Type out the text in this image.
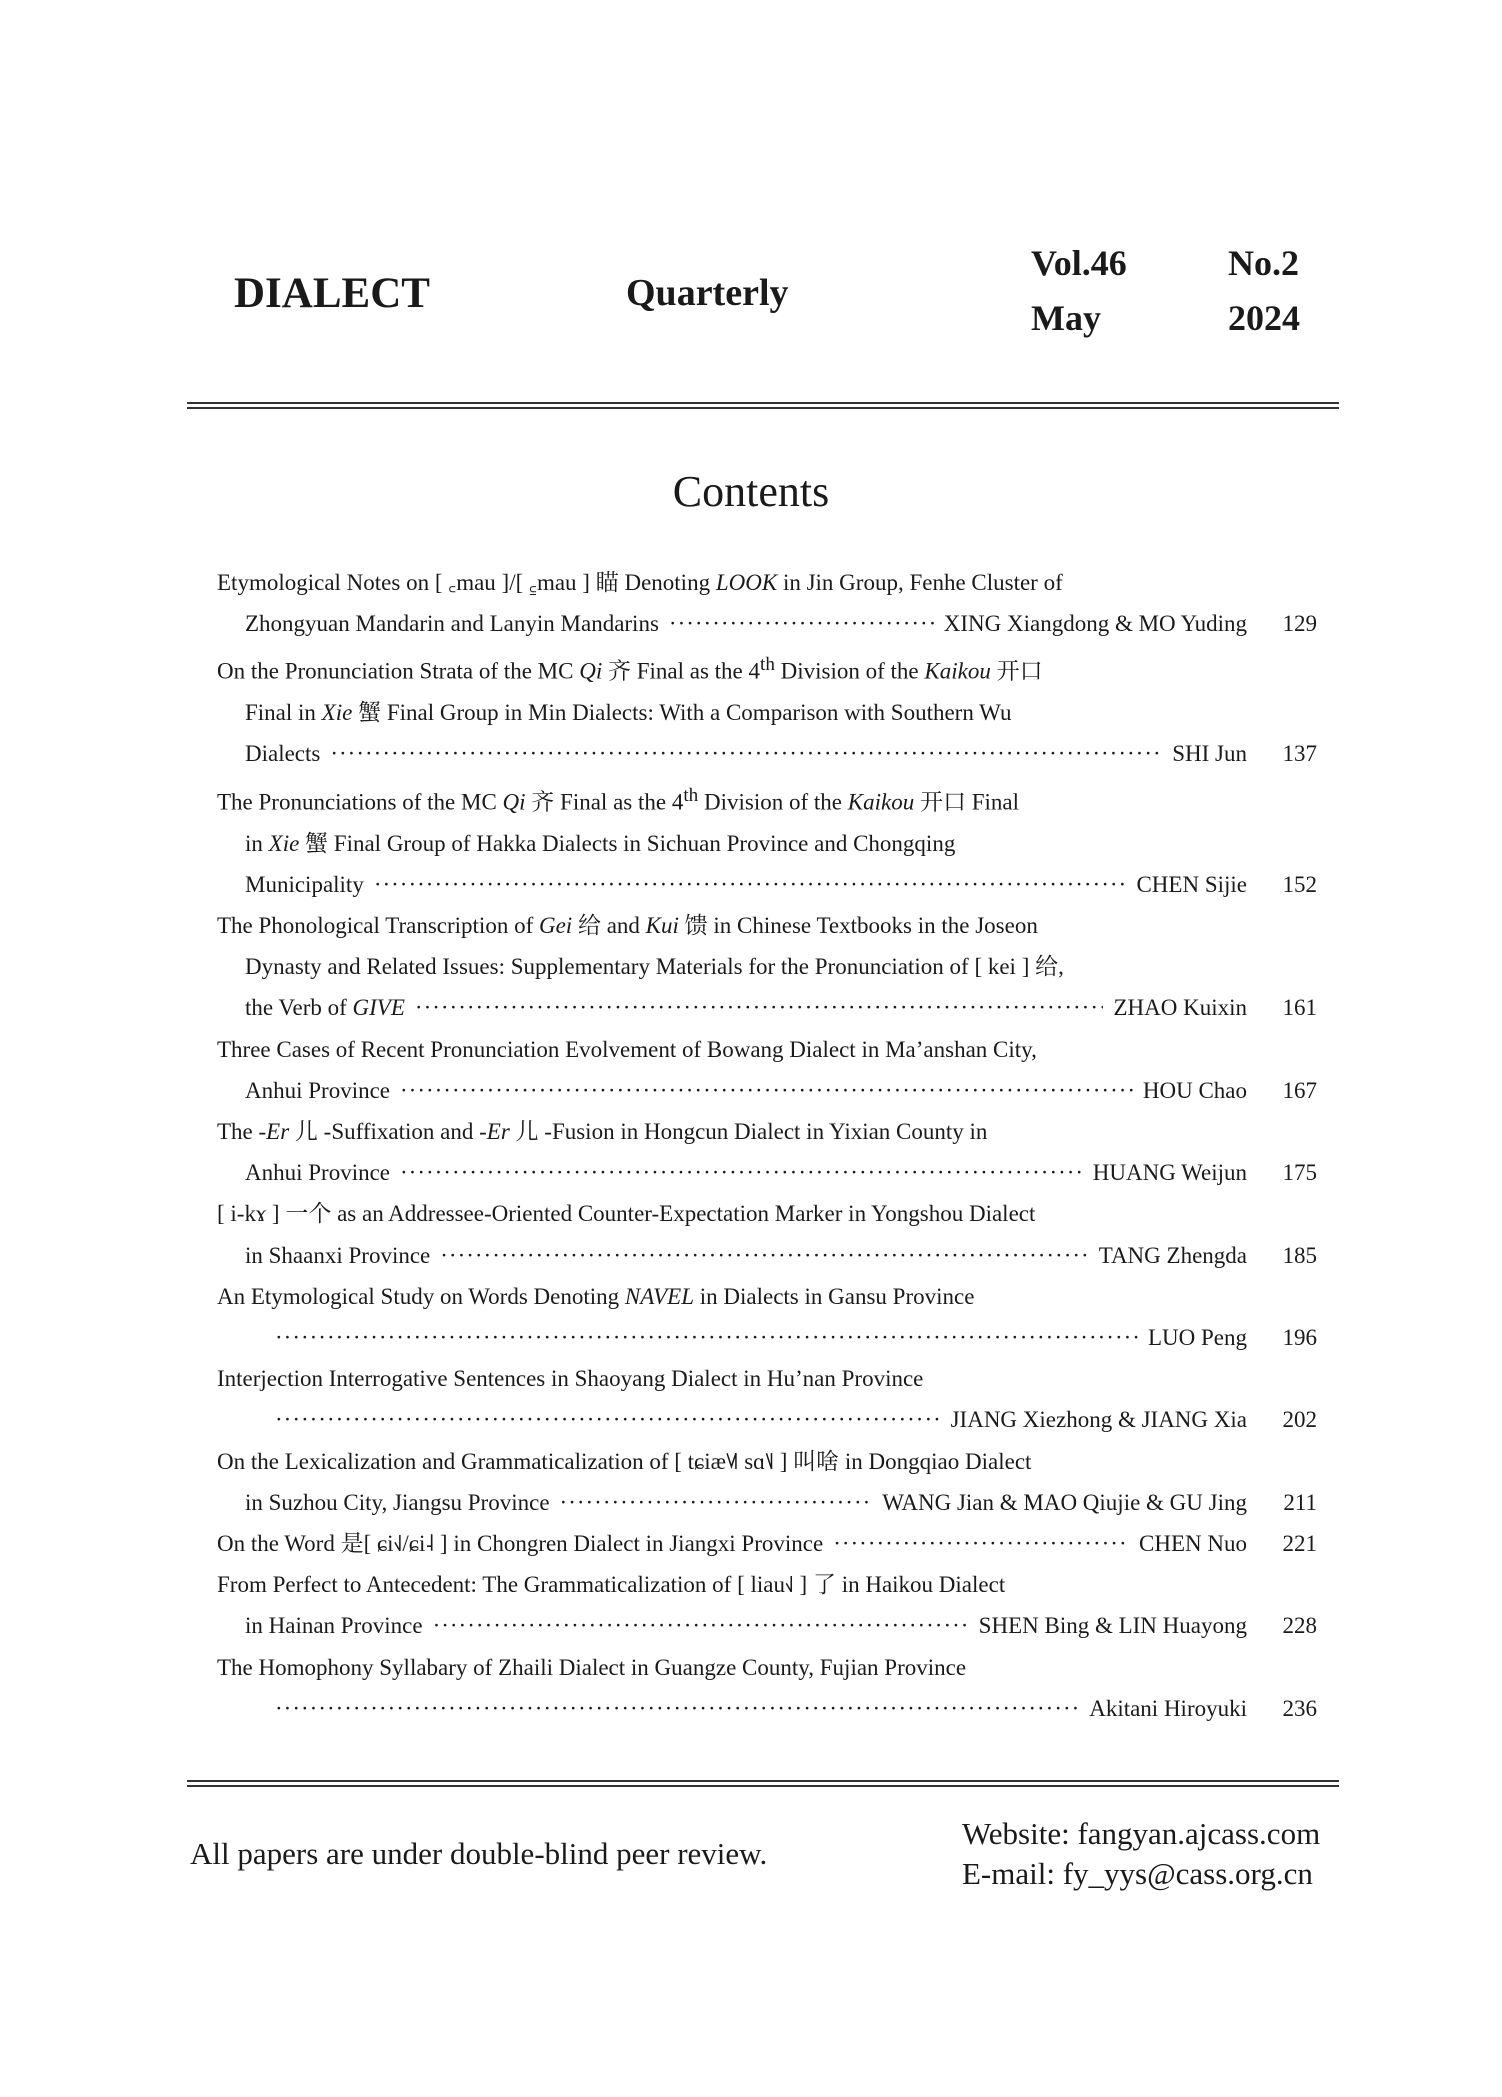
DIALECT	Quarterly
Vol.46	No.2
May	2024
Contents
Etymological Notes on [ ꜀mau ]/[ ꜁mau ] 瞄 Denoting LOOK in Jin Group, Fenhe Cluster of
Zhongyuan Mandarin and Lanyin Mandarins ·····	XING Xiangdong & MO Yuding	129
On the Pronunciation Strata of the MC Qi 齐 Final as the 4th Division of the Kaikou 开口
Final in Xie 蟹 Final Group in Min Dialects: With a Comparison with Southern Wu
Dialects ·····	SHI Jun	137
The Pronunciations of the MC Qi 齐 Final as the 4th Division of the Kaikou 开口 Final
in Xie 蟹 Final Group of Hakka Dialects in Sichuan Province and Chongqing
Municipality ·····	CHEN Sijie	152
The Phonological Transcription of Gei 给 and Kui 馈 in Chinese Textbooks in the Joseon
Dynasty and Related Issues: Supplementary Materials for the Pronunciation of [ kei ] 给,
the Verb of GIVE ·····	ZHAO Kuixin	161
Three Cases of Recent Pronunciation Evolvement of Bowang Dialect in Ma’anshan City,
Anhui Province ·····	HOU Chao	167
The -Er 儿 -Suffixation and -Er 儿 -Fusion in Hongcun Dialect in Yixian County in
Anhui Province ·····	HUANG Weijun	175
[ i-kɤ ] 一个 as an Addressee-Oriented Counter-Expectation Marker in Yongshou Dialect
in Shaanxi Province ·····	TANG Zhengda	185
An Etymological Study on Words Denoting NAVEL in Dialects in Gansu Province
·····
LUO Peng	196
Interjection Interrogative Sentences in Shaoyang Dialect in Hu’nan Province
·····
JIANG Xiezhong & JIANG Xia	202
On the Lexicalization and Grammaticalization of [ tɕiæ˥˩˥ sɑ˥˩ ] 叫啥 in Dongqiao Dialect
in Suzhou City, Jiangsu Province ·····	WANG Jian & MAO Qiujie & GU Jing	211
On the Word 是[ ɕi˧˩/ɕi˨ ] in Chongren Dialect in Jiangxi Province ·····	CHEN Nuo	221
From Perfect to Antecedent: The Grammaticalization of [ liau˧˩ ] 了 in Haikou Dialect
in Hainan Province ·····	SHEN Bing & LIN Huayong	228
The Homophony Syllabary of Zhaili Dialect in Guangze County, Fujian Province
·····
Akitani Hiroyuki	236
All papers are under double-blind peer review.
Website: fangyan.ajcass.com
E-mail: fy_yys@cass.org.cn
